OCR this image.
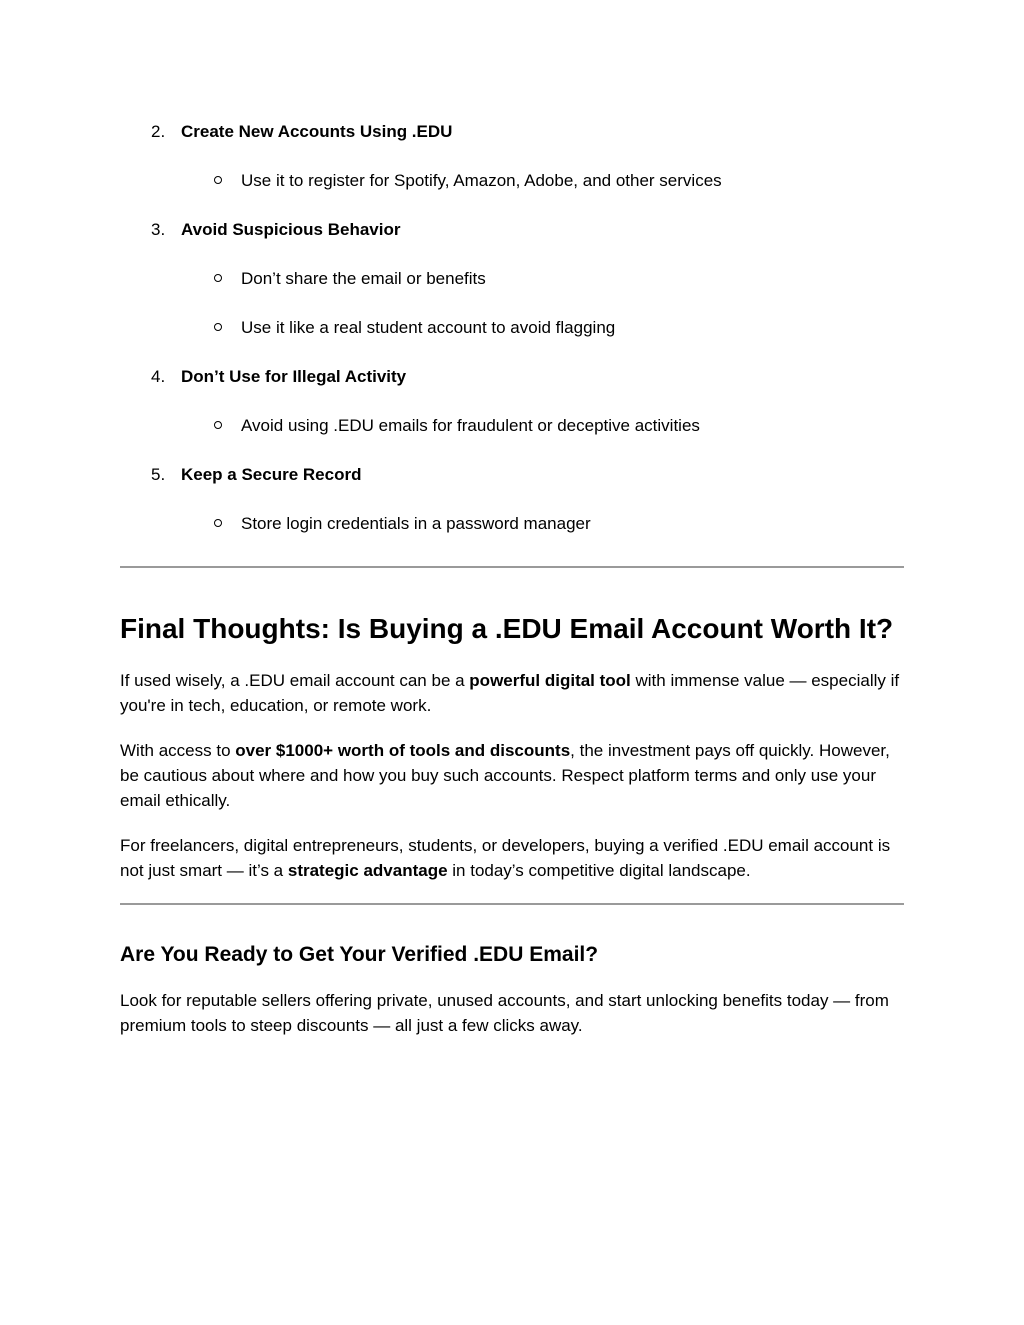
2. Create New Accounts Using .EDU
Use it to register for Spotify, Amazon, Adobe, and other services
3. Avoid Suspicious Behavior
Don’t share the email or benefits
Use it like a real student account to avoid flagging
4. Don’t Use for Illegal Activity
Avoid using .EDU emails for fraudulent or deceptive activities
5. Keep a Secure Record
Store login credentials in a password manager
Final Thoughts: Is Buying a .EDU Email Account Worth It?

If used wisely, a .EDU email account can be a powerful digital tool with immense value — especially if you're in tech, education, or remote work.

With access to over $1000+ worth of tools and discounts, the investment pays off quickly. However, be cautious about where and how you buy such accounts. Respect platform terms and only use your email ethically.

For freelancers, digital entrepreneurs, students, or developers, buying a verified .EDU email account is not just smart — it’s a strategic advantage in today’s competitive digital landscape.

Are You Ready to Get Your Verified .EDU Email?

Look for reputable sellers offering private, unused accounts, and start unlocking benefits today — from premium tools to steep discounts — all just a few clicks away.
